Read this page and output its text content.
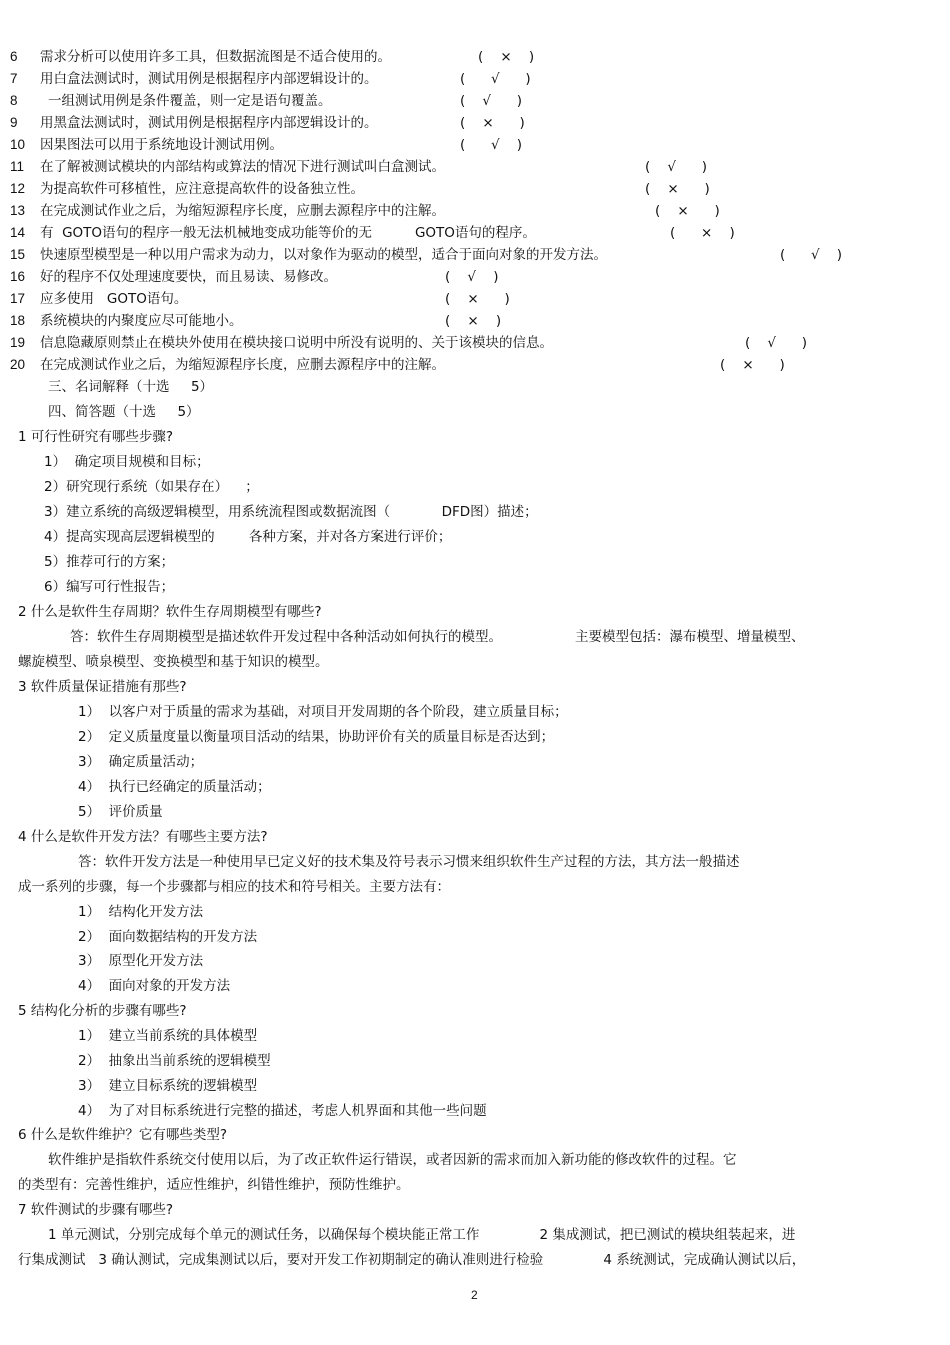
6 需求分析可以使用许多工具，但数据流图是不适合使用的。	(    ×    )
7 用白盒法测试时，测试用例是根据程序内部逻辑设计的。	(      √      )
8 一组测试用例是条件覆盖，则一定是语句覆盖。	(    √      )
9 用黑盒法测试时，测试用例是根据程序内部逻辑设计的。	(    ×      )
10 因果图法可以用于系统地设计测试用例。	(      √    )
11 在了解被测试模块的内部结构或算法的情况下进行测试叫白盒测试。	(    √      )
12 为提高软件可移植性，应注意提高软件的设备独立性。	(    ×      )
13 在完成测试作业之后，为缩短源程序长度，应删去源程序中的注解。	(    ×      )
14 有  GOTO语句的程序一般无法机械地变成功能等价的无          GOTO语句的程序。	(      ×    )
15 快速原型模型是一种以用户需求为动力，以对象作为驱动的模型，适合于面向对象的开发方法。	(      √    )
16 好的程序不仅处理速度要快，而且易读、易修改。	(    √    )
17 应多使用   GOTO语句。	(    ×      )
18 系统模块的内聚度应尽可能地小。	(    ×    )
19 信息隐藏原则禁止在模块外使用在模块接口说明中所没有说明的、关于该模块的信息。	(    √      )
20 在完成测试作业之后，为缩短源程序长度，应删去源程序中的注解。	(    ×      )
三、名词解释（十选     5）
四、简答题（十选     5）
1 可行性研究有哪些步骤?
1）  确定项目规模和目标；
2）研究现行系统（如果存在）    ；
3）建立系统的高级逻辑模型，用系统流程图或数据流图（            DFD图）描述；
4）提高实现高层逻辑模型的        各种方案，并对各方案进行评价；
5）推荐可行的方案；
6）编写可行性报告；
2 什么是软件生存周期？软件生存周期模型有哪些?
答：软件生存周期模型是描述软件开发过程中各种活动如何执行的模型。                 主要模型包括：瀑布模型、增量模型、
螺旋模型、喷泉模型、变换模型和基于知识的模型。
3 软件质量保证措施有那些?
1）  以客户对于质量的需求为基础，对项目开发周期的各个阶段，建立质量目标；
2）  定义质量度量以衡量项目活动的结果，协助评价有关的质量目标是否达到；
3）  确定质量活动；
4）  执行已经确定的质量活动；
5）  评价质量
4 什么是软件开发方法？有哪些主要方法?
答：软件开发方法是一种使用早已定义好的技术集及符号表示习惯来组织软件生产过程的方法，其方法一般描述
成一系列的步骤，每一个步骤都与相应的技术和符号相关。主要方法有：
1）  结构化开发方法
2）  面向数据结构的开发方法
3）  原型化开发方法
4）  面向对象的开发方法
5 结构化分析的步骤有哪些?
1）  建立当前系统的具体模型
2）  抽象出当前系统的逻辑模型
3）  建立目标系统的逻辑模型
4）  为了对目标系统进行完整的描述，考虑人机界面和其他一些问题
6 什么是软件维护？它有哪些类型?
软件维护是指软件系统交付使用以后，为了改正软件运行错误，或者因新的需求而加入新功能的修改软件的过程。它
的类型有：完善性维护，适应性维护，纠错性维护，预防性维护。
7 软件测试的步骤有哪些?
1 单元测试，分别完成每个单元的测试任务，以确保每个模块能正常工作              2 集成测试，把已测试的模块组装起来，进
行集成测试   3 确认测试，完成集测试以后，要对开发工作初期制定的确认准则进行检验              4 系统测试，完成确认测试以后，
2
